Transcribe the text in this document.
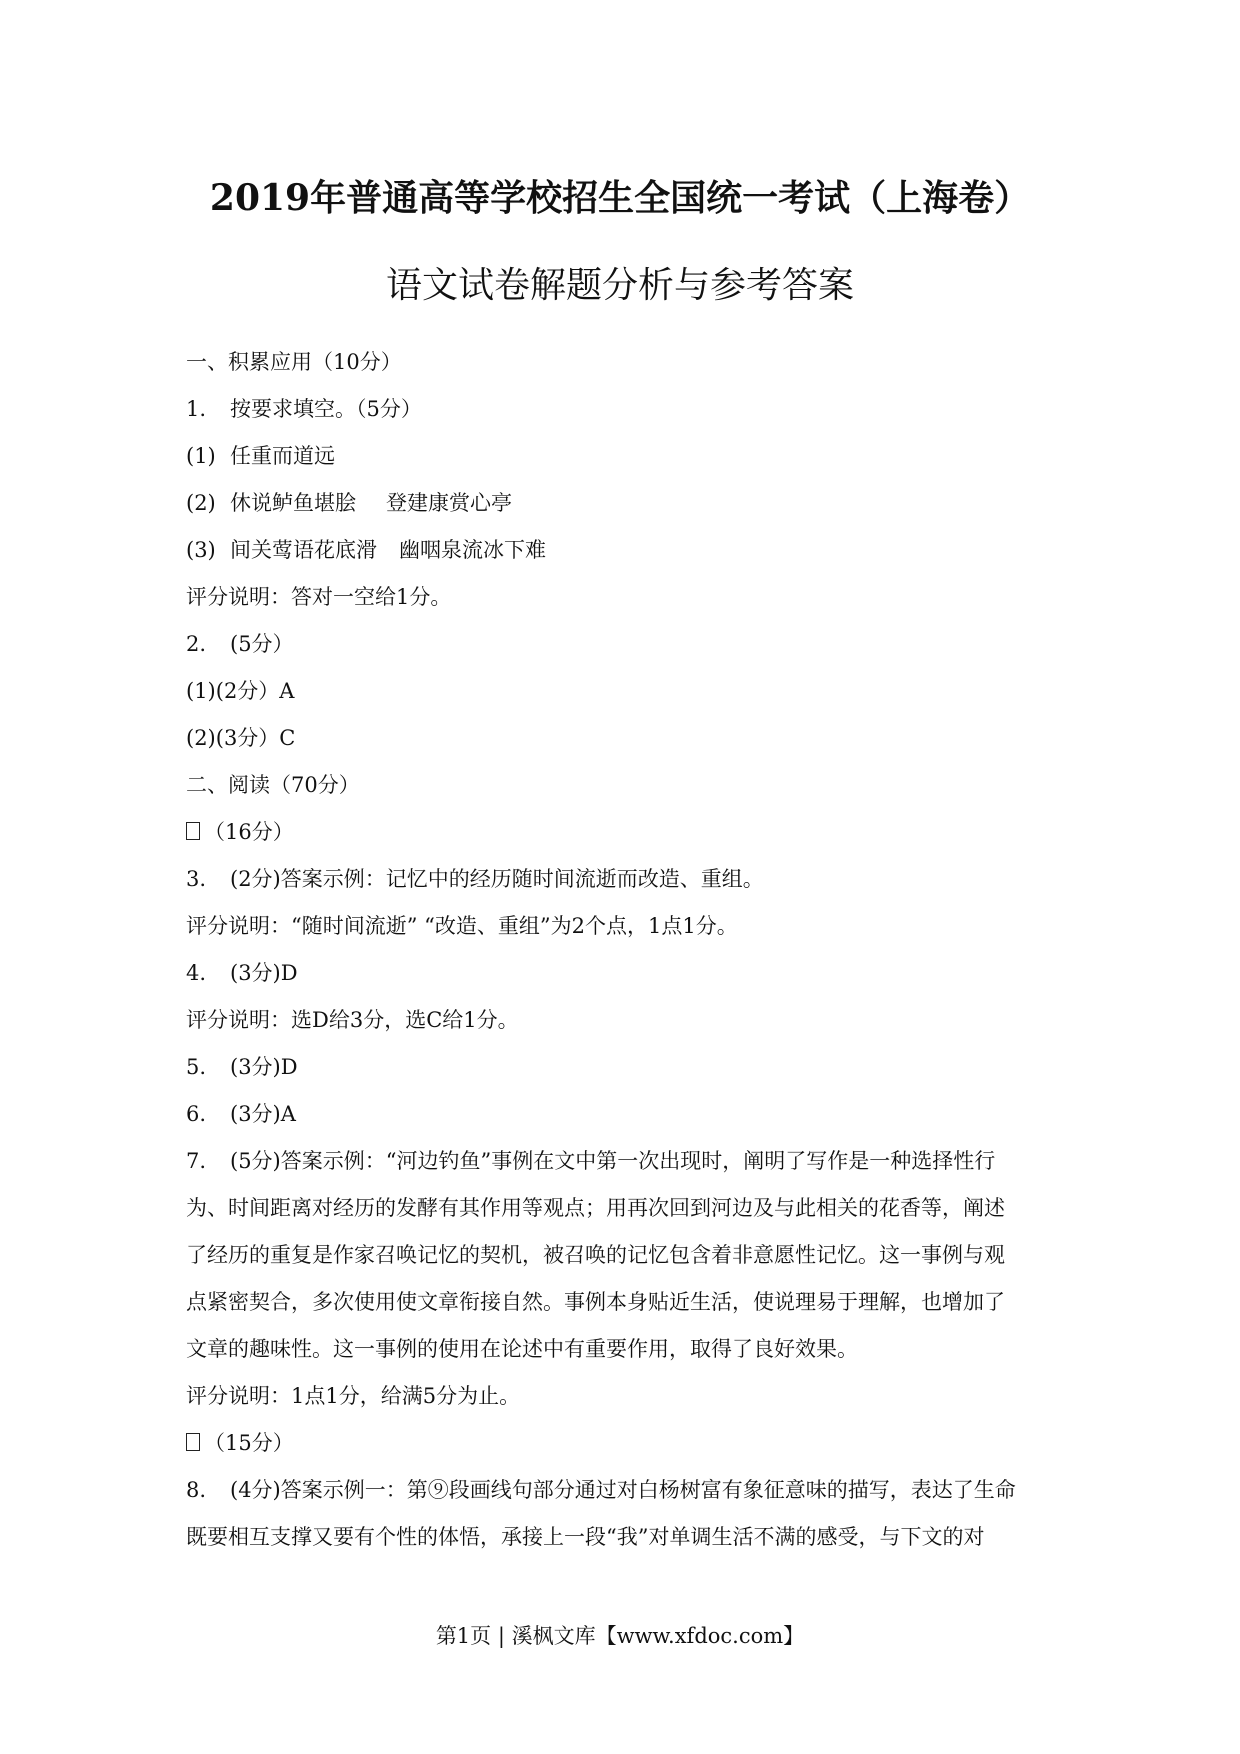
2019年普通高等学校招生全国统一考试（上海卷）
语文试卷解题分析与参考答案
一、积累应用（10分）
1. 按要求填空。（5分）
(1) 任重而道远
(2) 休说鲈鱼堪脍 登建康赏心亭
(3) 间关莺语花底滑 幽咽泉流冰下难
评分说明：答对一空给1分。
2. (5分）
(1)(2分）A
(2)(3分）C
二、阅读（70分）
（16分）
3. (2分)答案示例：记忆中的经历随时间流逝而改造、重组。
评分说明：“随时间流逝” “改造、重组”为2个点，1点1分。
4. (3分)D
评分说明：选D给3分，选C给1分。
5. (3分)D
6. (3分)A
7. (5分)答案示例：“河边钓鱼”事例在文中第一次出现时，阐明了写作是一种选择性行
为、时间距离对经历的发酵有其作用等观点；用再次回到河边及与此相关的花香等，阐述
了经历的重复是作家召唤记忆的契机，被召唤的记忆包含着非意愿性记忆。这一事例与观
点紧密契合，多次使用使文章衔接自然。事例本身贴近生活，使说理易于理解，也增加了
文章的趣味性。这一事例的使用在论述中有重要作用，取得了良好效果。
评分说明：1点1分，给满5分为止。
（15分）
8. (4分)答案示例一：第⑨段画线句部分通过对白杨树富有象征意味的描写，表达了生命
既要相互支撑又要有个性的体悟，承接上一段“我”对单调生活不满的感受，与下文的对
第1页 | 溪枫文库【www.xfdoc.com】
